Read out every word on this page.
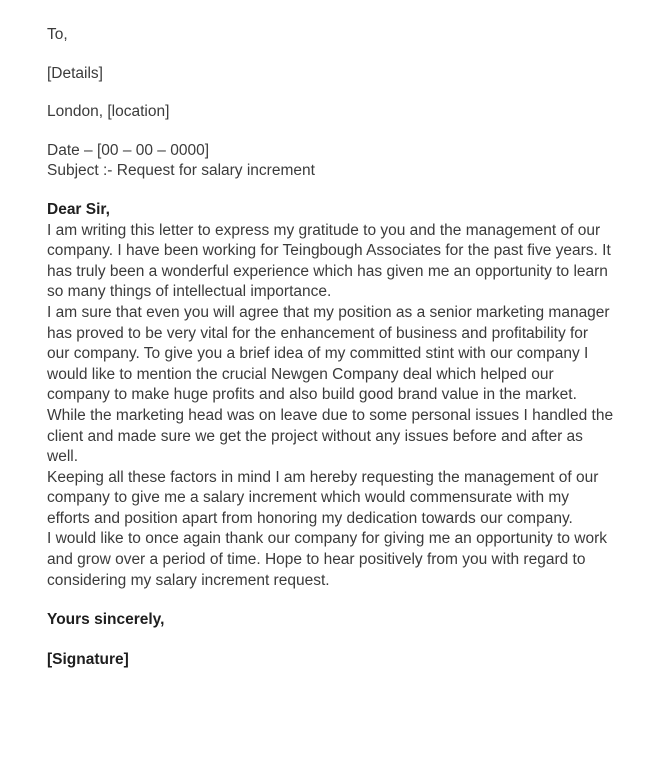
To,
[Details]
London, [location]
Date – [00 – 00 – 0000]
Subject :- Request for salary increment
Dear Sir,
I am writing this letter to express my gratitude to you and the management of our
company. I have been working for Teingbough Associates for the past five years. It
has truly been a wonderful experience which has given me an opportunity to learn
so many things of intellectual importance.
I am sure that even you will agree that my position as a senior marketing manager
has proved to be very vital for the enhancement of business and profitability for
our company. To give you a brief idea of my committed stint with our company I
would like to mention the crucial Newgen Company deal which helped our
company to make huge profits and also build good brand value in the market.
While the marketing head was on leave due to some personal issues I handled the
client and made sure we get the project without any issues before and after as
well.
Keeping all these factors in mind I am hereby requesting the management of our
company to give me a salary increment which would commensurate with my
efforts and position apart from honoring my dedication towards our company.
I would like to once again thank our company for giving me an opportunity to work
and grow over a period of time. Hope to hear positively from you with regard to
considering my salary increment request.
Yours sincerely,
[Signature]
